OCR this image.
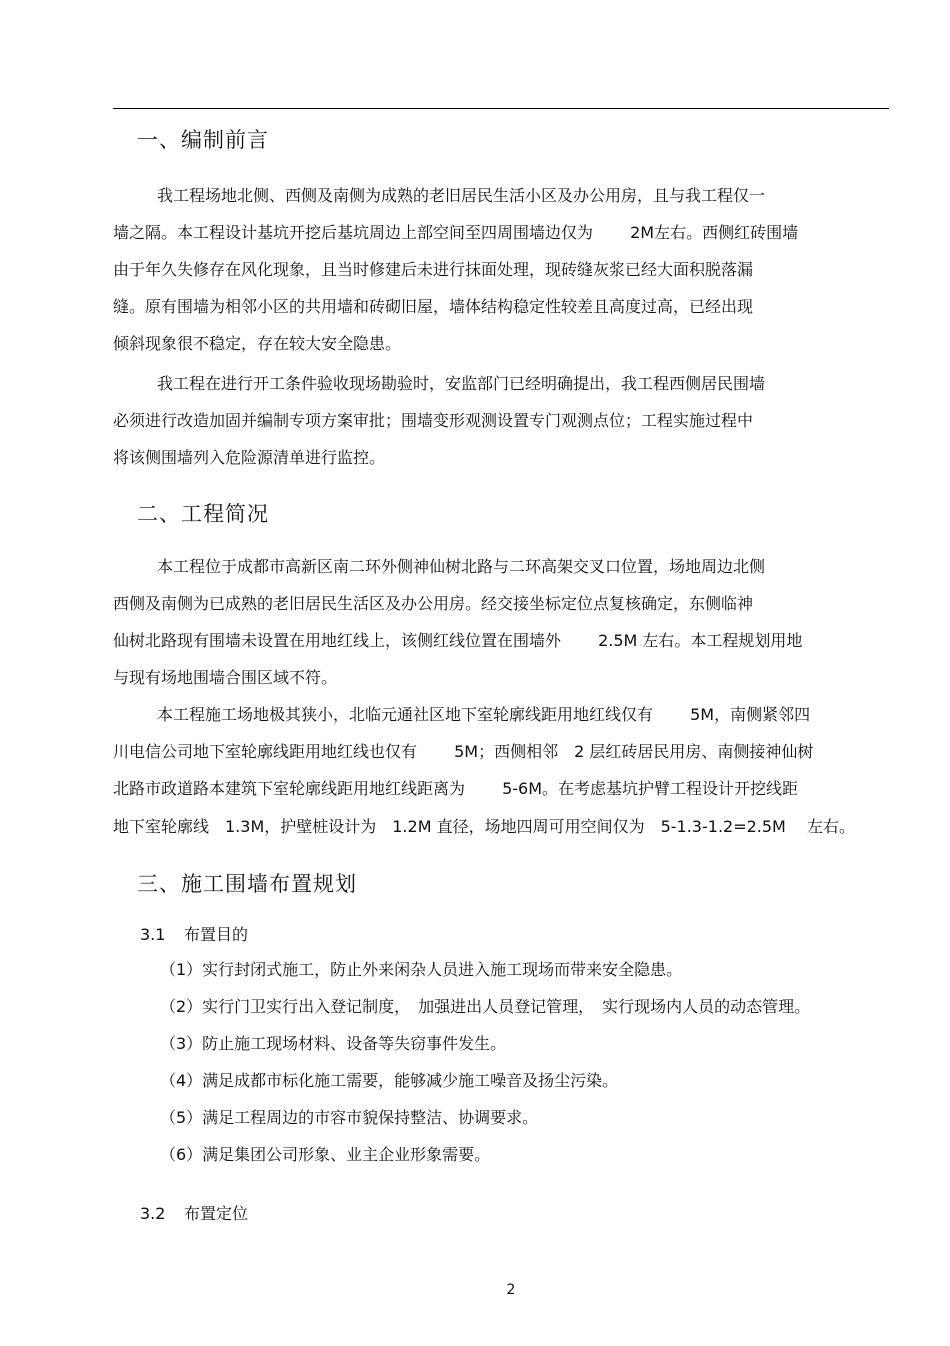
一、编制前言
我工程场地北侧、西侧及南侧为成熟的老旧居民生活小区及办公用房，且与我工程仅一
墙之隔。本工程设计基坑开挖后基坑周边上部空间至四周围墙边仅为　　 2M左右。西侧红砖围墙
由于年久失修存在风化现象，且当时修建后未进行抹面处理，现砖缝灰浆已经大面积脱落漏
缝。原有围墙为相邻小区的共用墙和砖砌旧屋，墙体结构稳定性较差且高度过高，已经出现
倾斜现象很不稳定，存在较大安全隐患。
我工程在进行开工条件验收现场勘验时，安监部门已经明确提出，我工程西侧居民围墙
必须进行改造加固并编制专项方案审批；围墙变形观测设置专门观测点位；工程实施过程中
将该侧围墙列入危险源清单进行监控。
二、工程简况
本工程位于成都市高新区南二环外侧神仙树北路与二环高架交叉口位置，场地周边北侧
西侧及南侧为已成熟的老旧居民生活区及办公用房。经交接坐标定位点复核确定，东侧临神
仙树北路现有围墙未设置在用地红线上，该侧红线位置在围墙外　　 2.5M 左右。本工程规划用地
与现有场地围墙合围区域不符。
本工程施工场地极其狭小，北临元通社区地下室轮廓线距用地红线仅有　　 5M，南侧紧邻四
川电信公司地下室轮廓线距用地红线也仅有　　 5M；西侧相邻　2 层红砖居民用房、南侧接神仙树
北路市政道路本建筑下室轮廓线距用地红线距离为　　 5-6M。在考虑基坑护臂工程设计开挖线距
地下室轮廓线　1.3M，护壁桩设计为　1.2M 直径，场地四周可用空间仅为　5-1.3-1.2=2.5M　 左右。
三、施工围墙布置规划
3.1 布置目的
（1）实行封闭式施工，防止外来闲杂人员进入施工现场而带来安全隐患。
（2）实行门卫实行出入登记制度，　加强进出人员登记管理，　实行现场内人员的动态管理。
（3）防止施工现场材料、设备等失窃事件发生。
（4）满足成都市标化施工需要，能够减少施工噪音及扬尘污染。
（5）满足工程周边的市容市貌保持整洁、协调要求。
（6）满足集团公司形象、业主企业形象需要。
3.2 布置定位
2
